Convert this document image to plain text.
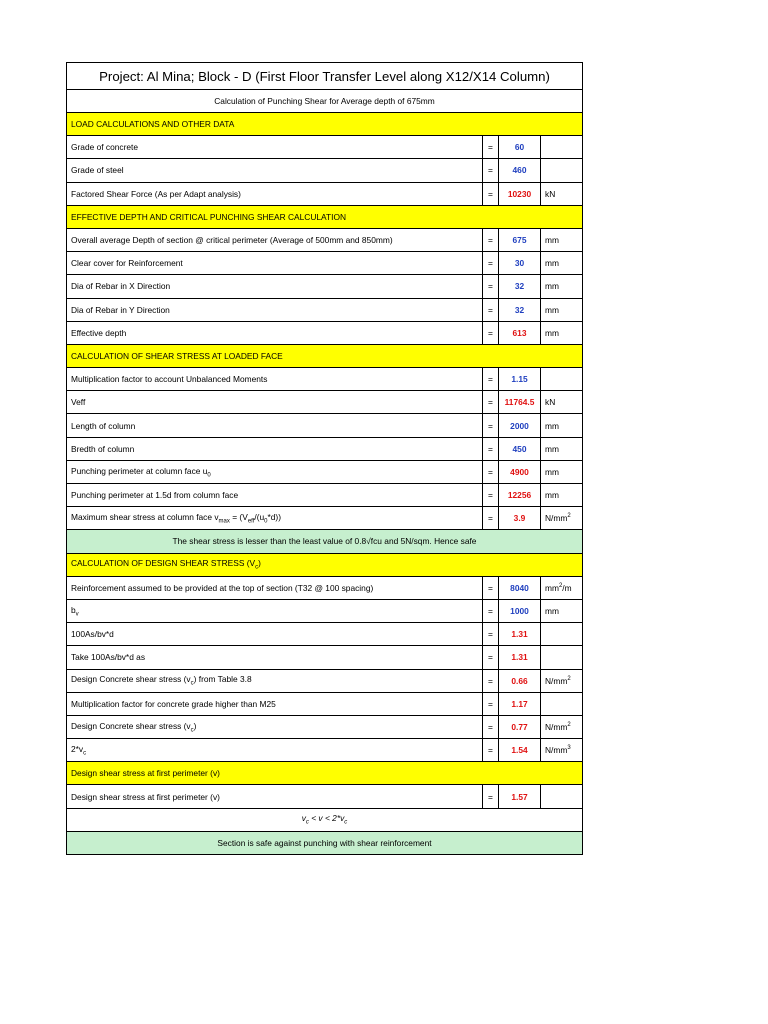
Project: Al Mina; Block - D (First Floor Transfer Level along X12/X14 Column)			
Calculation of Punching Shear for Average depth of 675mm			
LOAD CALCULATIONS AND OTHER DATA			
Grade of concrete	=	60	
Grade of steel	=	460	
Factored Shear Force (As per Adapt analysis)	=	10230	kN
EFFECTIVE DEPTH AND CRITICAL PUNCHING SHEAR CALCULATION			
Overall average Depth of section @ critical perimeter (Average of 500mm and 850mm)	=	675	mm
Clear cover for Reinforcement	=	30	mm
Dia of Rebar in X Direction	=	32	mm
Dia of Rebar in Y Direction	=	32	mm
Effective depth	=	613	mm
CALCULATION OF SHEAR STRESS AT LOADED FACE			
Multiplication factor to account Unbalanced Moments	=	1.15	
Veff	=	11764.5	kN
Length of column	=	2000	mm
Bredth of column	=	450	mm
Punching perimeter at column face $u_0$	=	4900	mm
Punching perimeter at 1.5d from column face	=	12256	mm
Maximum shear stress at column face $v_{max} = (V_{eff}/(u_0*d))$	=	3.9	$N/mm^2$
The shear stress is lesser than the least value of 0.8√fcu and 5N/sqm. Hence safe			
CALCULATION OF DESIGN SHEAR STRESS $(V_c)$			
Reinforcement assumed to be provided at the top of section (T32 @ 100 spacing)	=	8040	$mm^2/m$
$b_v$	=	1000	mm
100As/bv*d	=	1.31	
Take 100As/bv*d as	=	1.31	
Design Concrete shear stress $(v_c)$ from Table 3.8	=	0.66	$N/mm^2$
Multiplication factor for concrete grade higher than M25	=	1.17	
Design Concrete shear stress $(v_c)$	=	0.77	$N/mm^2$
$2*v_c$	=	1.54	$N/mm^3$
Design shear stress at first perimeter (v)			
Design shear stress at first perimeter (v)	=	1.57	
$v_c < v < 2*v_c$
Section is safe against punching with shear reinforcement			
